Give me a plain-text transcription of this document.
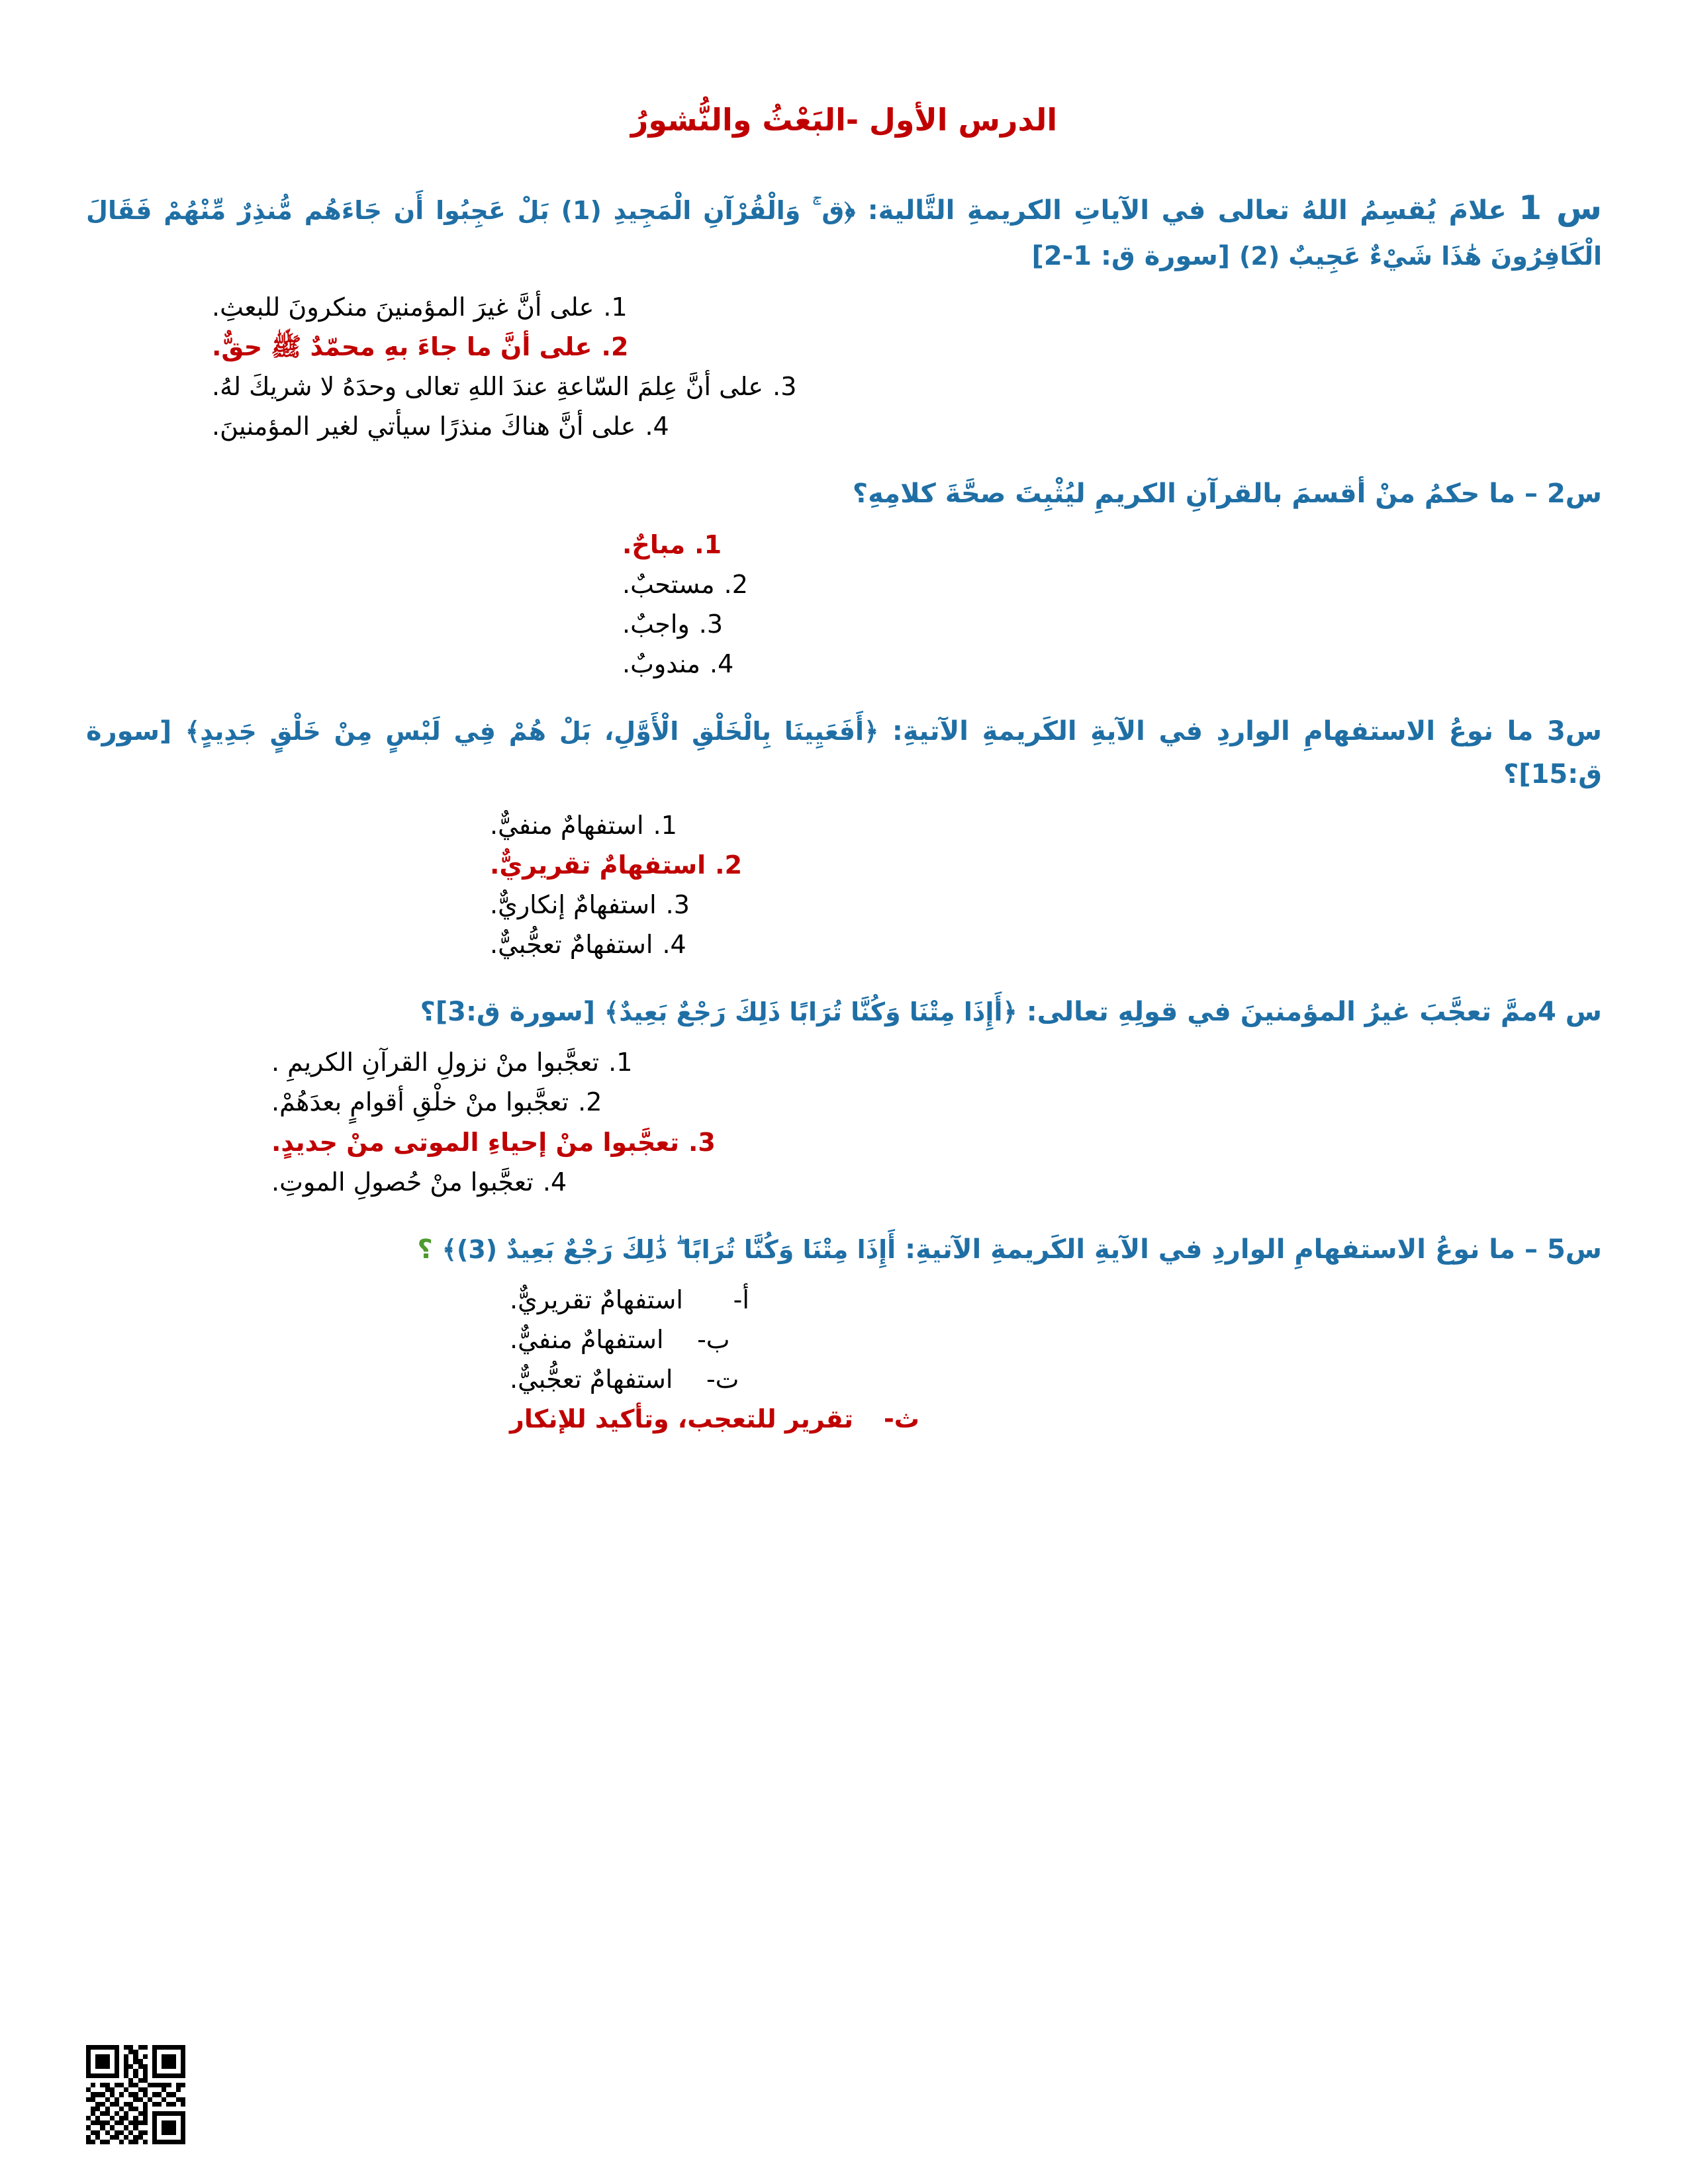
الدرس الأول -البَعْثُ والنُّشورُ

س 1 علامَ يُقسِمُ اللهُ تعالى في الآياتِ الكريمةِ التَّالية: ﴿ق ۚ وَالْقُرْآنِ الْمَجِيدِ (1) بَلْ عَجِبُوا أَن جَاءَهُم مُّنذِرٌ مِّنْهُمْ فَقَالَ الْكَافِرُونَ هَٰذَا شَيْءٌ عَجِيبٌ (2) [سورة ق: 1-2]

1.
على أنَّ غيرَ المؤمنينَ منكرونَ للبعثِ.
2.
على أنَّ ما جاءَ بهِ محمّدٌ ﷺ حقٌّ.
3.
على أنَّ عِلمَ السّاعةِ عندَ اللهِ تعالى وحدَهُ لا شريكَ لهُ.
4.
على أنَّ هناكَ منذرًا سيأتي لغير المؤمنينَ.

س2 – ما حكمُ منْ أقسمَ بالقرآنِ الكريمِ ليُثْبِتَ صحَّةَ كلامِهِ؟

1.
مباحٌ.
2.
مستحبٌ.
3.
واجبٌ.
4.
مندوبٌ.

س3 ما نوعُ الاستفهامِ الواردِ في الآيةِ الكَريمةِ الآتيةِ: ﴿أَفَعَيِينَا بِالْخَلْقِ الْأَوَّلِ، بَلْ هُمْ فِي لَبْسٍ مِنْ خَلْقٍ جَدِيدٍ﴾ [سورة ق:15]؟

1.
استفهامٌ منفيٌّ.
2.
استفهامٌ تقريريٌّ.
3.
استفهامٌ إنكاريٌّ.
4.
استفهامٌ تعجُّبيٌّ.

س 4ممَّ تعجَّبَ غيرُ المؤمنينَ في قولِهِ تعالى: ﴿أَإِذَا مِتْنَا وَكُنَّا تُرَابًا ذَلِكَ رَجْعٌ بَعِيدٌ﴾ [سورة ق:3]؟

1.
تعجَّبوا منْ نزولِ القرآنِ الكريمِ .
2.
تعجَّبوا منْ خلْقِ أقوامٍ بعدَهُمْ.
3.
تعجَّبوا منْ إحياءِ الموتى منْ جديدٍ.
4.
تعجَّبوا منْ حُصولِ الموتِ.

س5 – ما نوعُ الاستفهامِ الواردِ في الآيةِ الكَريمةِ الآتيةِ: أَإِذَا مِتْنَا وَكُنَّا تُرَابًا ۖ ذَٰلِكَ رَجْعٌ بَعِيدٌ (3)﴾ ؟

أ-
استفهامٌ تقريريٌّ.
ب-
استفهامٌ منفيٌّ.
ت-
استفهامٌ تعجُّبيٌّ.
ث-
تقرير للتعجب، وتأكيد للإنكار
